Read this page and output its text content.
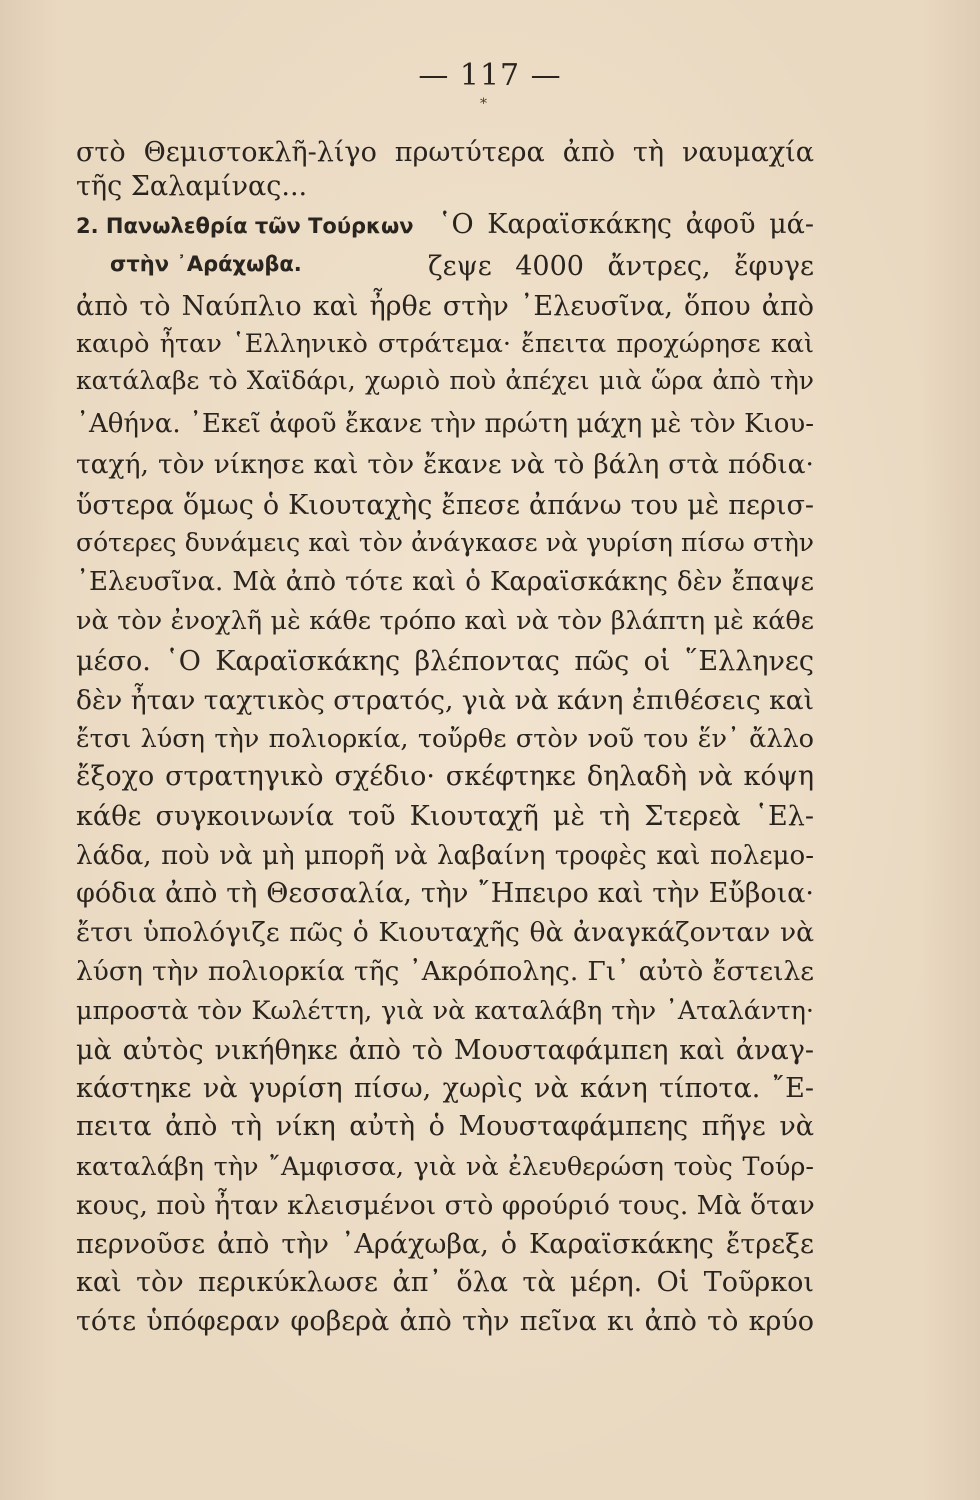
— 117 —
*
στὸ Θεμιστοκλῆ-λίγο πρωτύτερα ἀπὸ τὴ ναυμαχία
τῆς Σαλαμίνας...
2. Πανωλεθρία τῶν Τούρκων ῾Ο Καραϊσκάκης ἀφοῦ μά-
στὴν ᾿Αράχωβα.	ζεψε 4000 ἄντρες, ἔφυγε
ἀπὸ τὸ Ναύπλιο καὶ ἦρθε στὴν ᾿Ελευσῖνα, ὅπου ἀπὸ
καιρὸ ἦταν ῾Ελληνικὸ στράτεμα· ἔπειτα προχώρησε καὶ
κατάλαβε τὸ Χαϊδάρι, χωριὸ ποὺ ἀπέχει μιὰ ὥρα ἀπὸ τὴν
᾿Αθήνα. ᾿Εκεῖ ἀφοῦ ἔκανε τὴν πρώτη μάχη μὲ τὸν Κιου-
ταχή, τὸν νίκησε καὶ τὸν ἔκανε νὰ τὸ βάλη στὰ πόδια·
ὕστερα ὅμως ὁ Κιουταχὴς ἔπεσε ἀπάνω του μὲ περισ-
σότερες δυνάμεις καὶ τὸν ἀνάγκασε νὰ γυρίση πίσω στὴν
᾿Ελευσῖνα. Μὰ ἀπὸ τότε καὶ ὁ Καραϊσκάκης δὲν ἔπαψε
νὰ τὸν ἐνοχλῆ μὲ κάθε τρόπο καὶ νὰ τὸν βλάπτη μὲ κάθε
μέσο. ῾Ο Καραϊσκάκης βλέποντας πῶς οἱ ῞Ελληνες
δὲν ἦταν ταχτικὸς στρατός, γιὰ νὰ κάνη ἐπιθέσεις καὶ
ἔτσι λύση τὴν πολιορκία, τοὔρθε στὸν νοῦ του ἕν᾿ ἄλλο
ἔξοχο στρατηγικὸ σχέδιο· σκέφτηκε δηλαδὴ νὰ κόψη
κάθε συγκοινωνία τοῦ Κιουταχῆ μὲ τὴ Στερεὰ ῾Ελ-
λάδα, ποὺ νὰ μὴ μπορῆ νὰ λαβαίνη τροφὲς καὶ πολεμο-
φόδια ἀπὸ τὴ Θεσσαλία, τὴν ῎Ηπειρο καὶ τὴν Εὔβοια·
ἔτσι ὑπολόγιζε πῶς ὁ Κιουταχῆς θὰ ἀναγκάζονταν νὰ
λύση τὴν πολιορκία τῆς ᾿Ακρόπολης. Γι᾿ αὐτὸ ἔστειλε
μπροστὰ τὸν Κωλέττη, γιὰ νὰ καταλάβη τὴν ᾿Αταλάντη·
μὰ αὐτὸς νικήθηκε ἀπὸ τὸ Μουσταφάμπεη καὶ ἀναγ-
κάστηκε νὰ γυρίση πίσω, χωρὶς νὰ κάνη τίποτα. ῎Ε-
πειτα ἀπὸ τὴ νίκη αὐτὴ ὁ Μουσταφάμπεης πῆγε νὰ
καταλάβη τὴν ῎Αμφισσα, γιὰ νὰ ἐλευθερώση τοὺς Τούρ-
κους, ποὺ ἦταν κλεισμένοι στὸ φρούριό τους. Μὰ ὅταν
περνοῦσε ἀπὸ τὴν ᾿Αράχωβα, ὁ Καραϊσκάκης ἔτρεξε
καὶ τὸν περικύκλωσε ἀπ᾿ ὅλα τὰ μέρη. Οἱ Τοῦρκοι
τότε ὑπόφεραν φοβερὰ ἀπὸ τὴν πεῖνα κι ἀπὸ τὸ κρύο
